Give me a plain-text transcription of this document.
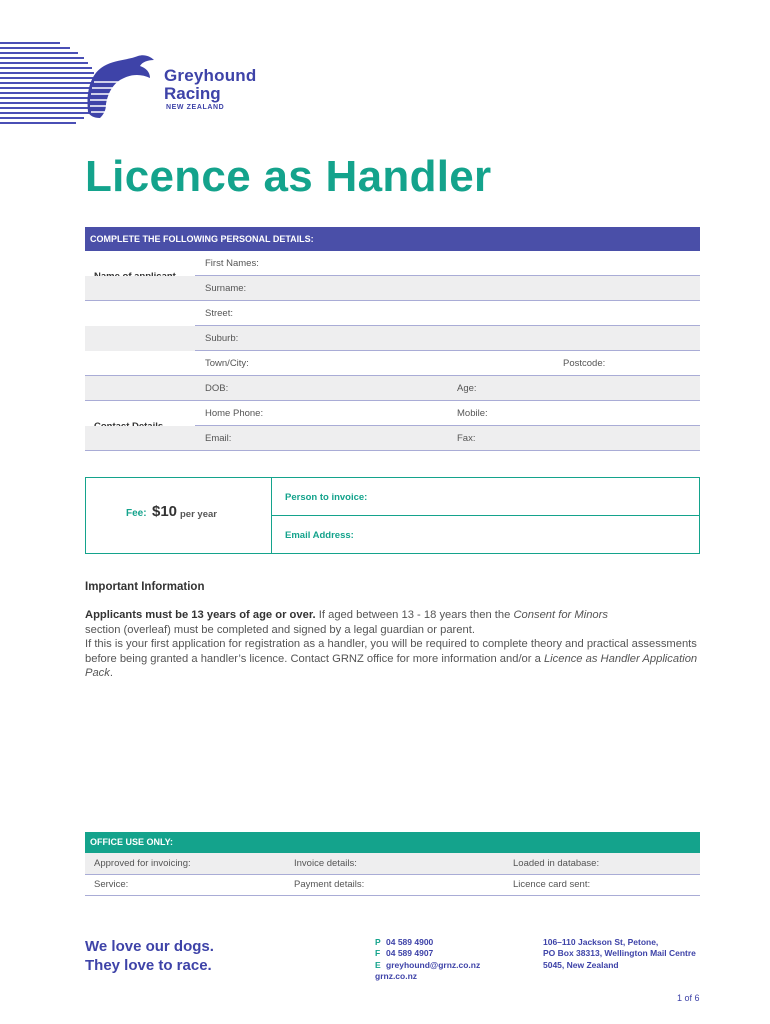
Greyhound
Racing
NEW ZEALAND
Licence as Handler
COMPLETE THE FOLLOWING PERSONAL DETAILS:
First Names:
Surname:
Street:
Suburb:
Town/City:	Postcode:
DOB:	Age:
Home Phone:	Mobile:
Email:	Fax:
Fee: $10 per year
Person to invoice:
Email Address:
Important Information

Applicants must be 13 years of age or over. If aged between 13 - 18 years then the Consent for Minors

section (overleaf) must be completed and signed by a legal guardian or parent.

If this is your first application for registration as a handler, you will be required to complete theory and practical assessments before being granted a handler’s licence. Contact GRNZ office for more information and/or a Licence as Handler Application Pack.

OFFICE USE ONLY:
Approved for invoicing:	Invoice details:	Loaded in database:
Service:	Payment details:	Licence card sent:
We love our dogs.
They love to race.
P 04 589 4900
F 04 589 4907
E greyhound@grnz.co.nz
grnz.co.nz
106–110 Jackson St, Petone,
PO Box 38313, Wellington Mail Centre
5045, New Zealand
1 of 6
